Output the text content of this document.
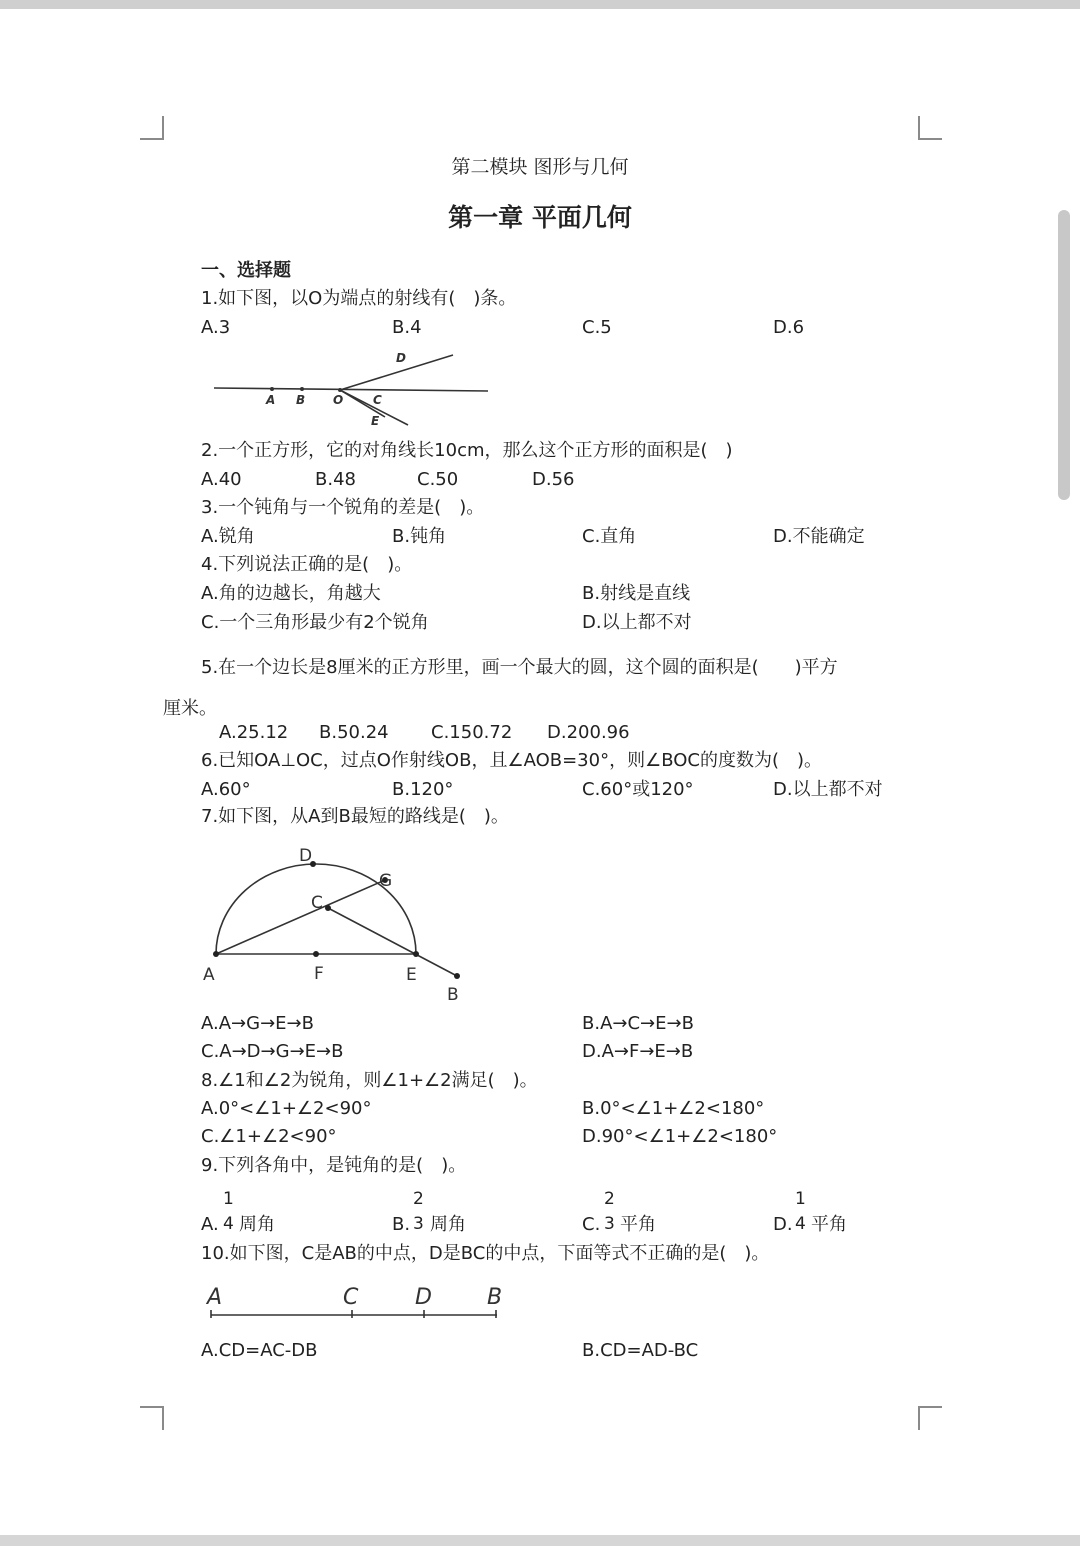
第二模块 图形与几何
第一章 平面几何
一、选择题
1.如下图，以O为端点的射线有(　)条。
A.3	B.4	C.5	D.6
A B O C
D
E
2.一个正方形，它的对角线长10cm，那么这个正方形的面积是(　)
A.40	B.48	C.50	D.56
3.一个钝角与一个锐角的差是(　)。
A.锐角	B.钝角	C.直角	D.不能确定
4.下列说法正确的是(　)。
A.角的边越长，角越大	B.射线是直线
C.一个三角形最少有2个锐角	D.以上都不对
5.在一个边长是8厘米的正方形里，画一个最大的圆，这个圆的面积是(　　)平方
厘米。
A.25.12 B.50.24 C.150.72 D.200.96
6.已知OA⊥OC，过点O作射线OB，且∠AOB=30°，则∠BOC的度数为(　)。
A.60°	B.120°	C.60°或120°	D.以上都不对
7.如下图，从A到B最短的路线是(　)。
D
G
C
A	F	E
B
A.A→G→E→B	B.A→C→E→B
C.A→D→G→E→B	D.A→F→E→B
8.∠1和∠2为锐角，则∠1+∠2满足(　)。
A.0°<∠1+∠2<90°	B.0°<∠1+∠2<180°
C.∠1+∠2<90°	D.90°<∠1+∠2<180°
9.下列各角中，是钝角的是(　)。
A.
1
4 周角	B.
2
3 周角	C.
2
3 平角	D.
1
4 平角
10.如下图，C是AB的中点，D是BC的中点，下面等式不正确的是(　)。
A	C	D	B
A.CD=AC-DB	B.CD=AD-BC
